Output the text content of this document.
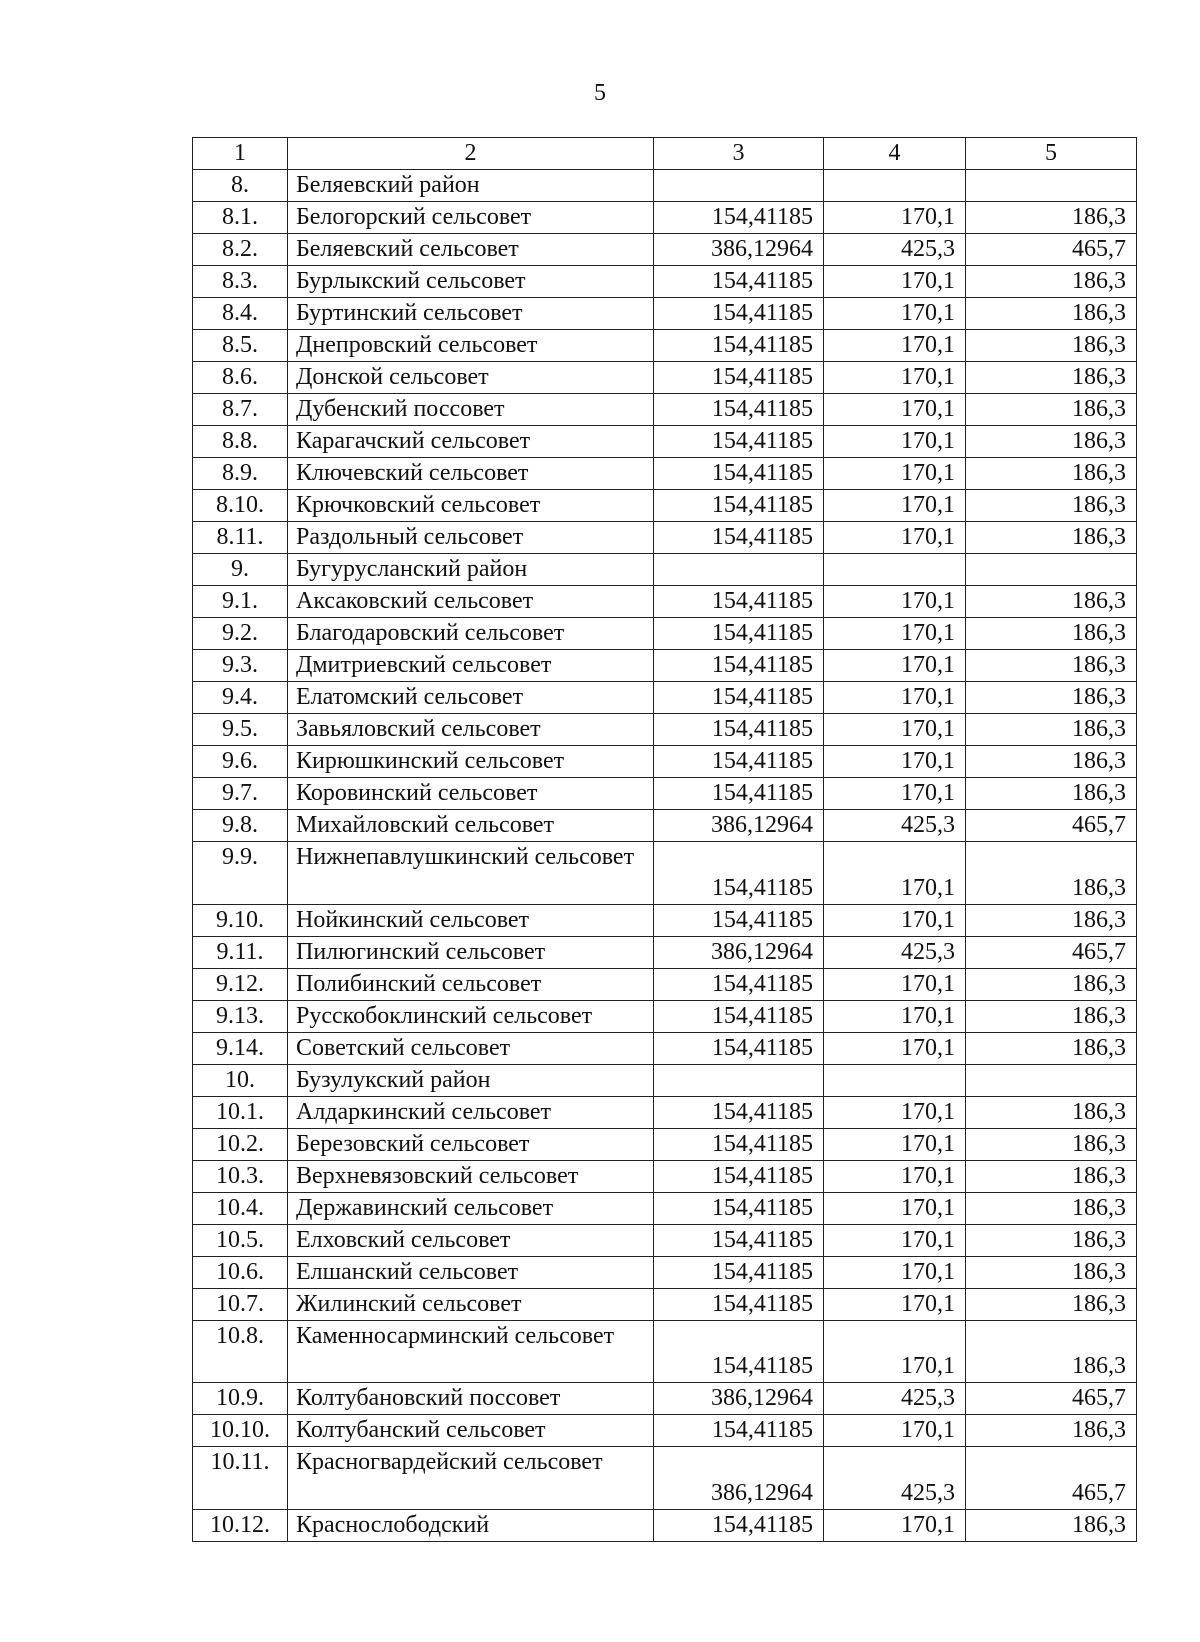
5
1	2	3	4	5
8.	Беляевский район			
8.1.	Белогорский сельсовет	154,41185	170,1	186,3
8.2.	Беляевский сельсовет	386,12964	425,3	465,7
8.3.	Бурлыкский сельсовет	154,41185	170,1	186,3
8.4.	Буртинский сельсовет	154,41185	170,1	186,3
8.5.	Днепровский сельсовет	154,41185	170,1	186,3
8.6.	Донской сельсовет	154,41185	170,1	186,3
8.7.	Дубенский поссовет	154,41185	170,1	186,3
8.8.	Карагачский сельсовет	154,41185	170,1	186,3
8.9.	Ключевский сельсовет	154,41185	170,1	186,3
8.10.	Крючковский сельсовет	154,41185	170,1	186,3
8.11.	Раздольный сельсовет	154,41185	170,1	186,3
9.	Бугурусланский район			
9.1.	Аксаковский сельсовет	154,41185	170,1	186,3
9.2.	Благодаровский сельсовет	154,41185	170,1	186,3
9.3.	Дмитриевский сельсовет	154,41185	170,1	186,3
9.4.	Елатомский сельсовет	154,41185	170,1	186,3
9.5.	Завьяловский сельсовет	154,41185	170,1	186,3
9.6.	Кирюшкинский сельсовет	154,41185	170,1	186,3
9.7.	Коровинский сельсовет	154,41185	170,1	186,3
9.8.	Михайловский сельсовет	386,12964	425,3	465,7
9.9.	Нижнепавлушкинский сельсовет	154,41185	170,1	186,3
9.10.	Нойкинский сельсовет	154,41185	170,1	186,3
9.11.	Пилюгинский сельсовет	386,12964	425,3	465,7
9.12.	Полибинский сельсовет	154,41185	170,1	186,3
9.13.	Русскобоклинский сельсовет	154,41185	170,1	186,3
9.14.	Советский сельсовет	154,41185	170,1	186,3
10.	Бузулукский район			
10.1.	Алдаркинский сельсовет	154,41185	170,1	186,3
10.2.	Березовский сельсовет	154,41185	170,1	186,3
10.3.	Верхневязовский сельсовет	154,41185	170,1	186,3
10.4.	Державинский сельсовет	154,41185	170,1	186,3
10.5.	Елховский сельсовет	154,41185	170,1	186,3
10.6.	Елшанский сельсовет	154,41185	170,1	186,3
10.7.	Жилинский сельсовет	154,41185	170,1	186,3
10.8.	Каменносарминский сельсовет	154,41185	170,1	186,3
10.9.	Колтубановский поссовет	386,12964	425,3	465,7
10.10.	Колтубанский сельсовет	154,41185	170,1	186,3
10.11.	Красногвардейский сельсовет	386,12964	425,3	465,7
10.12.	Краснослободский	154,41185	170,1	186,3
